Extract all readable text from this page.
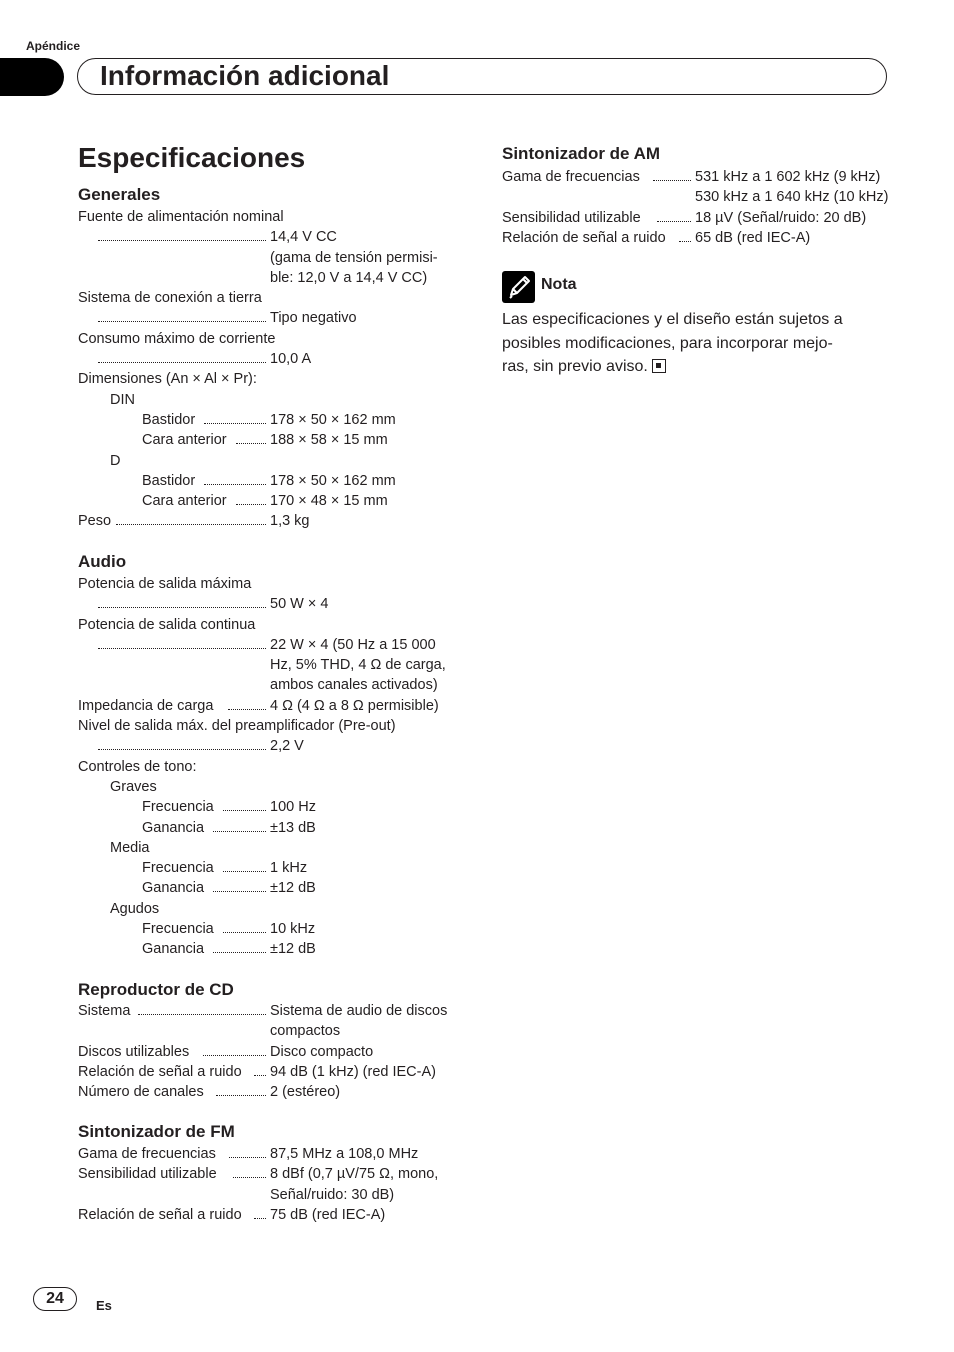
Apéndice
Información adicional
Especificaciones
Generales
Fuente de alimentación nominal
14,4 V CC
(gama de tensión permisi-
ble: 12,0 V a 14,4 V CC)
Sistema de conexión a tierra
Tipo negativo
Consumo máximo de corriente
10,0 A
Dimensiones (An × Al × Pr):
DIN
Bastidor	178 × 50 × 162 mm
Cara anterior	188 × 58 × 15 mm
D
Bastidor	178 × 50 × 162 mm
Cara anterior	170 × 48 × 15 mm
Peso	1,3 kg
Audio
Potencia de salida máxima
50 W × 4
Potencia de salida continua
22 W × 4 (50 Hz a 15 000
Hz, 5% THD, 4 Ω de carga,
ambos canales activados)
Impedancia de carga	4 Ω (4 Ω a 8 Ω permisible)
Nivel de salida máx. del preamplificador (Pre-out)
2,2 V
Controles de tono:
Graves
Frecuencia	100 Hz
Ganancia	±13 dB
Media
Frecuencia	1 kHz
Ganancia	±12 dB
Agudos
Frecuencia	10 kHz
Ganancia	±12 dB
Reproductor de CD
Sistema	Sistema de audio de discos
compactos
Discos utilizables	Disco compacto
Relación de señal a ruido 94 dB (1 kHz) (red IEC-A)
Número de canales	2 (estéreo)
Sintonizador de FM
Gama de frecuencias	87,5 MHz a 108,0 MHz
Sensibilidad utilizable	8 dBf (0,7 µV/75 Ω, mono,
Señal/ruido: 30 dB)
Relación de señal a ruido 75 dB (red IEC-A)
Sintonizador de AM
Gama de frecuencias	531 kHz a 1 602 kHz (9 kHz)
530 kHz a 1 640 kHz (10 kHz)
Sensibilidad utilizable	18 µV (Señal/ruido: 20 dB)
Relación de señal a ruido 65 dB (red IEC-A)
Nota
Las especificaciones y el diseño están sujetos a
posibles modificaciones, para incorporar mejo-
ras, sin previo aviso.
24	Es
